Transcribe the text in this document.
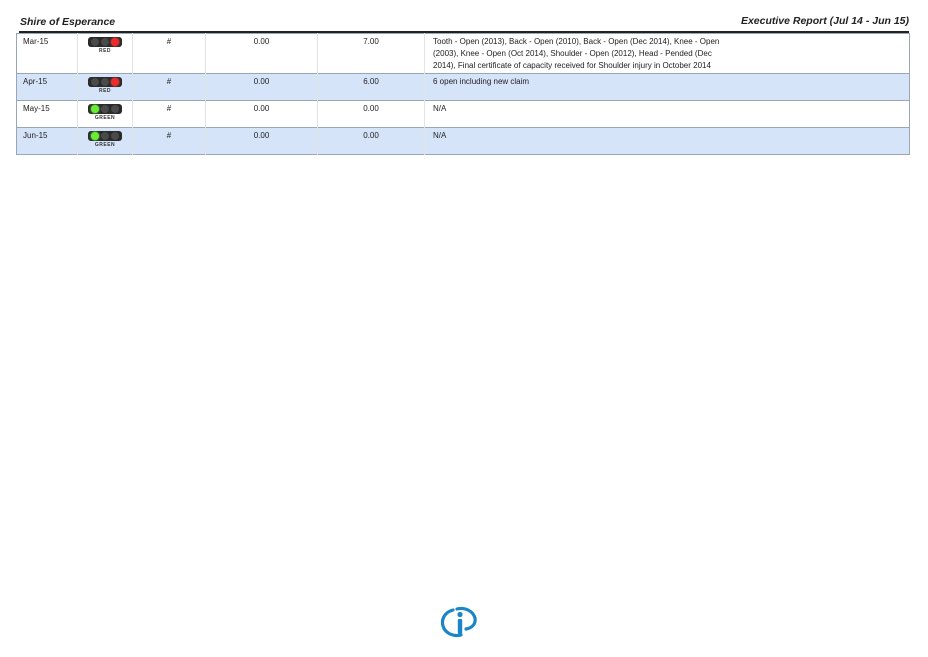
Shire of Esperance	Executive Report (Jul 14 - Jun 15)
Mar-15	RED	#	0.00	7.00	Tooth - Open (2013), Back - Open (2010), Back - Open (Dec 2014), Knee - Open (2003), Knee - Open (Oct 2014), Shoulder - Open (2012), Head - Pended (Dec 2014), Final certificate of capacity received for Shoulder injury in October 2014

Apr-15	RED	#	0.00	6.00	6 open including new claim

May-15	GREEN	#	0.00	0.00	N/A

Jun-15	GREEN	#	0.00	0.00	N/A
